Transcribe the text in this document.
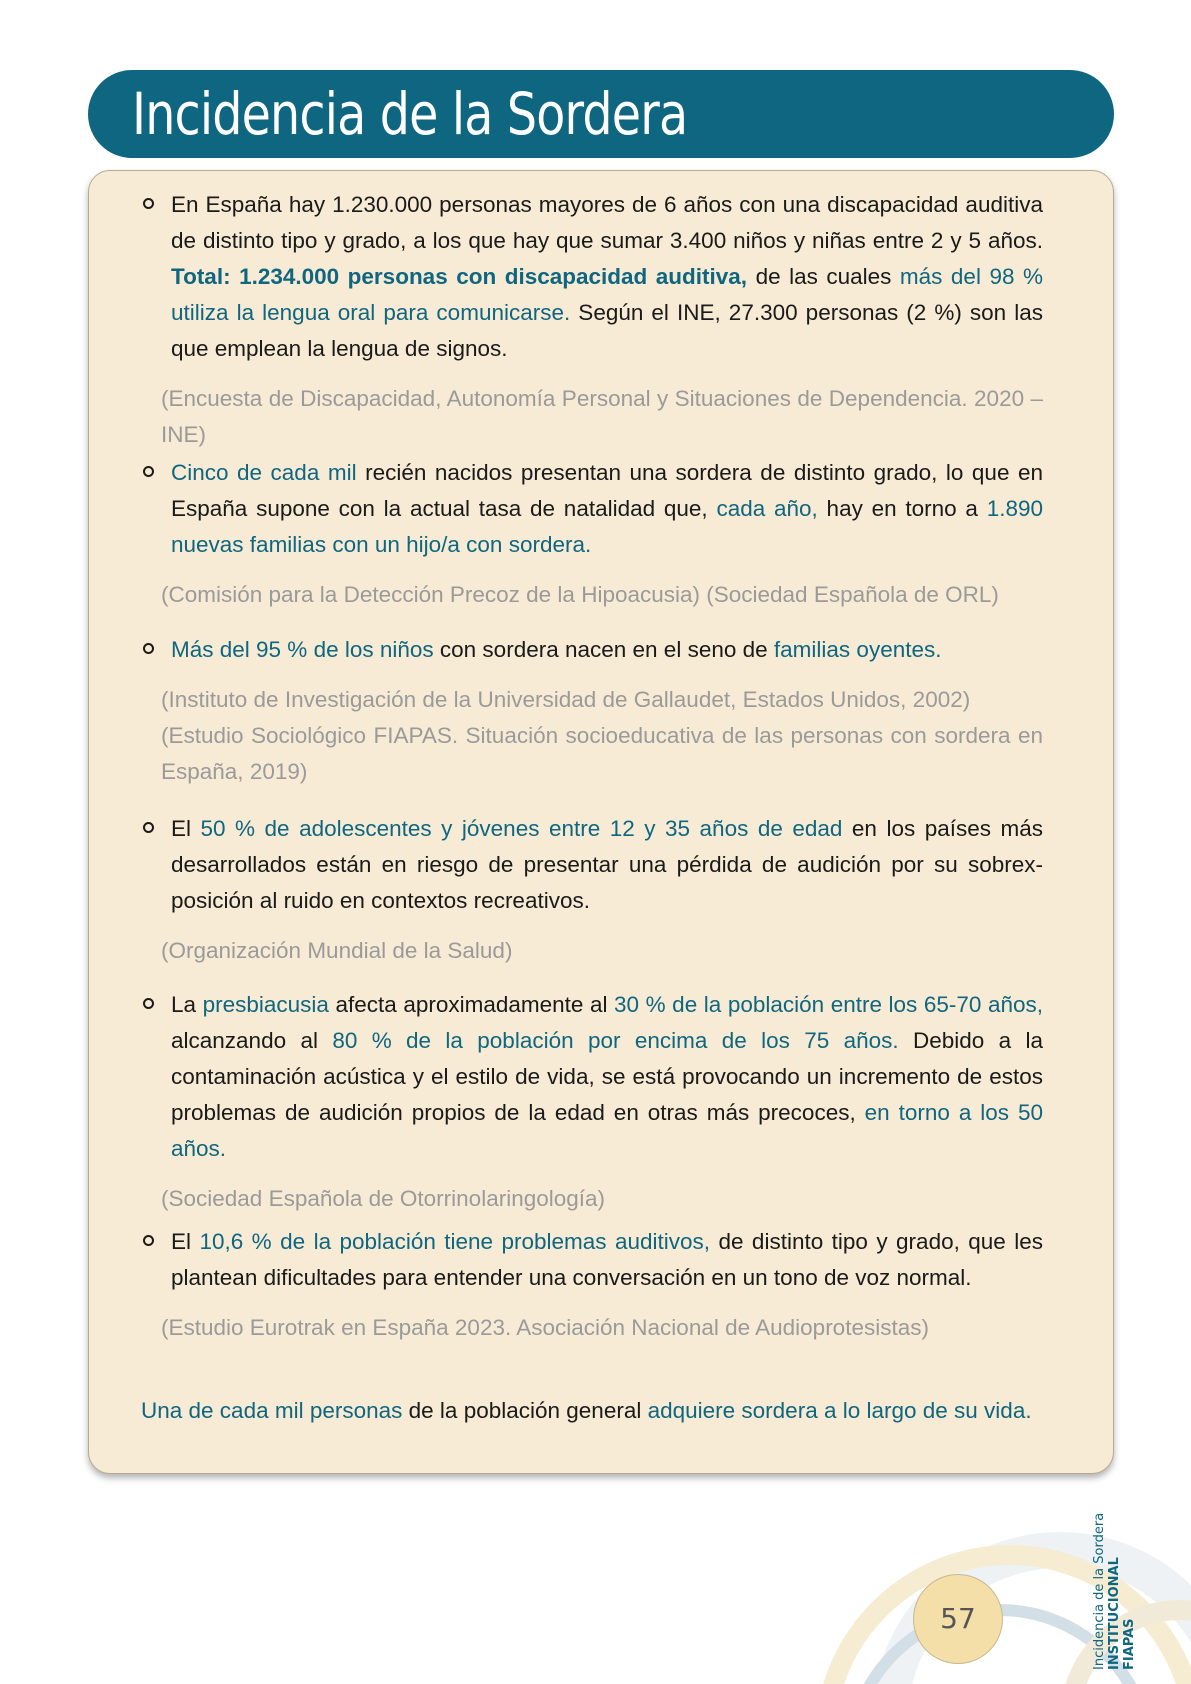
Incidencia de la Sordera
En España hay 1.230.000 personas mayores de 6 años con una discapacidad auditiva de distinto tipo y grado, a los que hay que sumar 3.400 niños y niñas entre 2 y 5 años. Total: 1.234.000 personas con discapacidad auditiva, de las cuales más del 98 % utiliza la lengua oral para comunicarse. Según el INE, 27.300 personas (2 %) son las que emplean la lengua de signos.
(Encuesta de Discapacidad, Autonomía Personal y Situaciones de Dependencia. 2020 – INE)
Cinco de cada mil recién nacidos presentan una sordera de distinto grado, lo que en España supone con la actual tasa de natalidad que, cada año, hay en torno a 1.890 nuevas familias con un hijo/a con sordera.
(Comisión para la Detección Precoz de la Hipoacusia) (Sociedad Española de ORL)
Más del 95 % de los niños con sordera nacen en el seno de familias oyentes.
(Instituto de Investigación de la Universidad de Gallaudet, Estados Unidos, 2002)
(Estudio Sociológico FIAPAS. Situación socioeducativa de las personas con sordera en España, 2019)
El 50 % de adolescentes y jóvenes entre 12 y 35 años de edad en los países más desarrollados están en riesgo de presentar una pérdida de audición por su sobrex-posición al ruido en contextos recreativos.
(Organización Mundial de la Salud)
La presbiacusia afecta aproximadamente al 30 % de la población entre los 65-70 años, alcanzando al 80 % de la población por encima de los 75 años. Debido a la contaminación acústica y el estilo de vida, se está provocando un incremento de estos problemas de audición propios de la edad en otras más precoces, en torno a los 50 años.
(Sociedad Española de Otorrinolaringología)
El 10,6 % de la población tiene problemas auditivos, de distinto tipo y grado, que les plantean dificultades para entender una conversación en un tono de voz normal.
(Estudio Eurotrak en España 2023. Asociación Nacional de Audioprotesistas)
Una de cada mil personas de la población general adquiere sordera a lo largo de su vida.
57	Incidencia de la Sordera INSTITUCIONAL FIAPAS
